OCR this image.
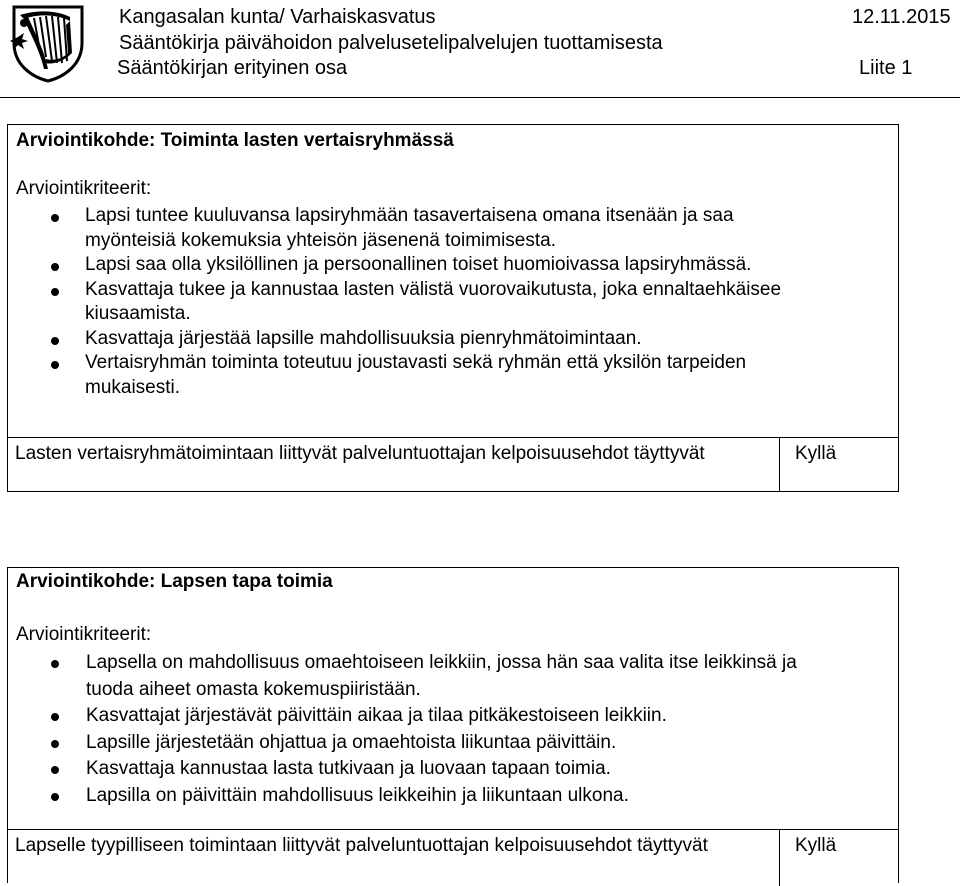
Kangasalan kunta/ Varhaiskasvatus	12.11.2015
Sääntökirja päivähoidon palvelusetelipalvelujen tuottamisesta
Sääntökirjan erityinen osa	Liite 1
Arviointikohde: Toiminta lasten vertaisryhmässä
Arviointikriteerit:
Lapsi tuntee kuuluvansa lapsiryhmään tasavertaisena omana itsenään ja saa myönteisiä kokemuksia yhteisön jäsenenä toimimisesta.
Lapsi saa olla yksilöllinen ja persoonallinen toiset huomioivassa lapsiryhmässä.
Kasvattaja tukee ja kannustaa lasten välistä vuorovaikutusta, joka ennaltaehkäisee kiusaamista.
Kasvattaja järjestää lapsille mahdollisuuksia pienryhmätoimintaan.
Vertaisryhmän toiminta toteutuu joustavasti sekä ryhmän että yksilön tarpeiden mukaisesti.
Lasten vertaisryhmätoimintaan liittyvät palveluntuottajan kelpoisuusehdot täyttyvät	Kyllä
Arviointikohde: Lapsen tapa toimia
Arviointikriteerit:
Lapsella on mahdollisuus omaehtoiseen leikkiin, jossa hän saa valita itse leikkinsä ja tuoda aiheet omasta kokemuspiiristään.
Kasvattajat järjestävät päivittäin aikaa ja tilaa pitkäkestoiseen leikkiin.
Lapsille järjestetään ohjattua ja omaehtoista liikuntaa päivittäin.
Kasvattaja kannustaa lasta tutkivaan ja luovaan tapaan toimia.
Lapsilla on päivittäin mahdollisuus leikkeihin ja liikuntaan ulkona.
Lapselle tyypilliseen toimintaan liittyvät palveluntuottajan kelpoisuusehdot täyttyvät	Kyllä
